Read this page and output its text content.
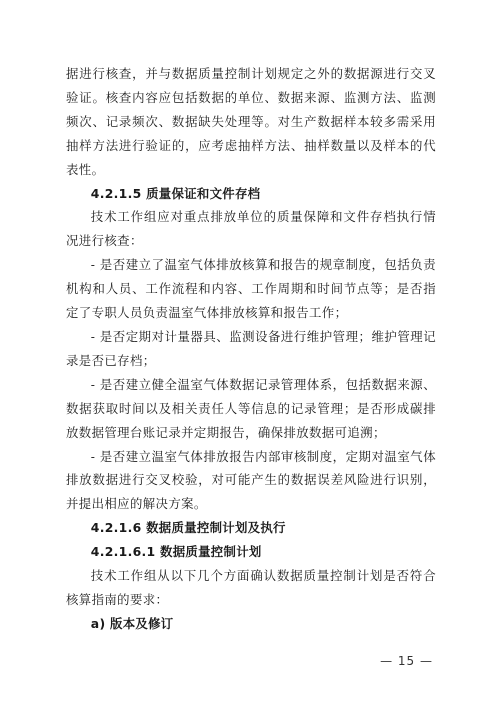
据进行核查，并与数据质量控制计划规定之外的数据源进行交叉验证。核查内容应包括数据的单位、数据来源、监测方法、监测频次、记录频次、数据缺失处理等。对生产数据样本较多需采用抽样方法进行验证的，应考虑抽样方法、抽样数量以及样本的代表性。

4.2.1.5 质量保证和文件存档

技术工作组应对重点排放单位的质量保障和文件存档执行情况进行核查：

- 是否建立了温室气体排放核算和报告的规章制度，包括负责机构和人员、工作流程和内容、工作周期和时间节点等；是否指定了专职人员负责温室气体排放核算和报告工作；

- 是否定期对计量器具、监测设备进行维护管理；维护管理记录是否已存档；

- 是否建立健全温室气体数据记录管理体系，包括数据来源、数据获取时间以及相关责任人等信息的记录管理；是否形成碳排放数据管理台账记录并定期报告，确保排放数据可追溯；

- 是否建立温室气体排放报告内部审核制度，定期对温室气体排放数据进行交叉校验，对可能产生的数据误差风险进行识别，并提出相应的解决方案。

4.2.1.6 数据质量控制计划及执行

4.2.1.6.1 数据质量控制计划

技术工作组从以下几个方面确认数据质量控制计划是否符合核算指南的要求：

a) 版本及修订

— 15 —
